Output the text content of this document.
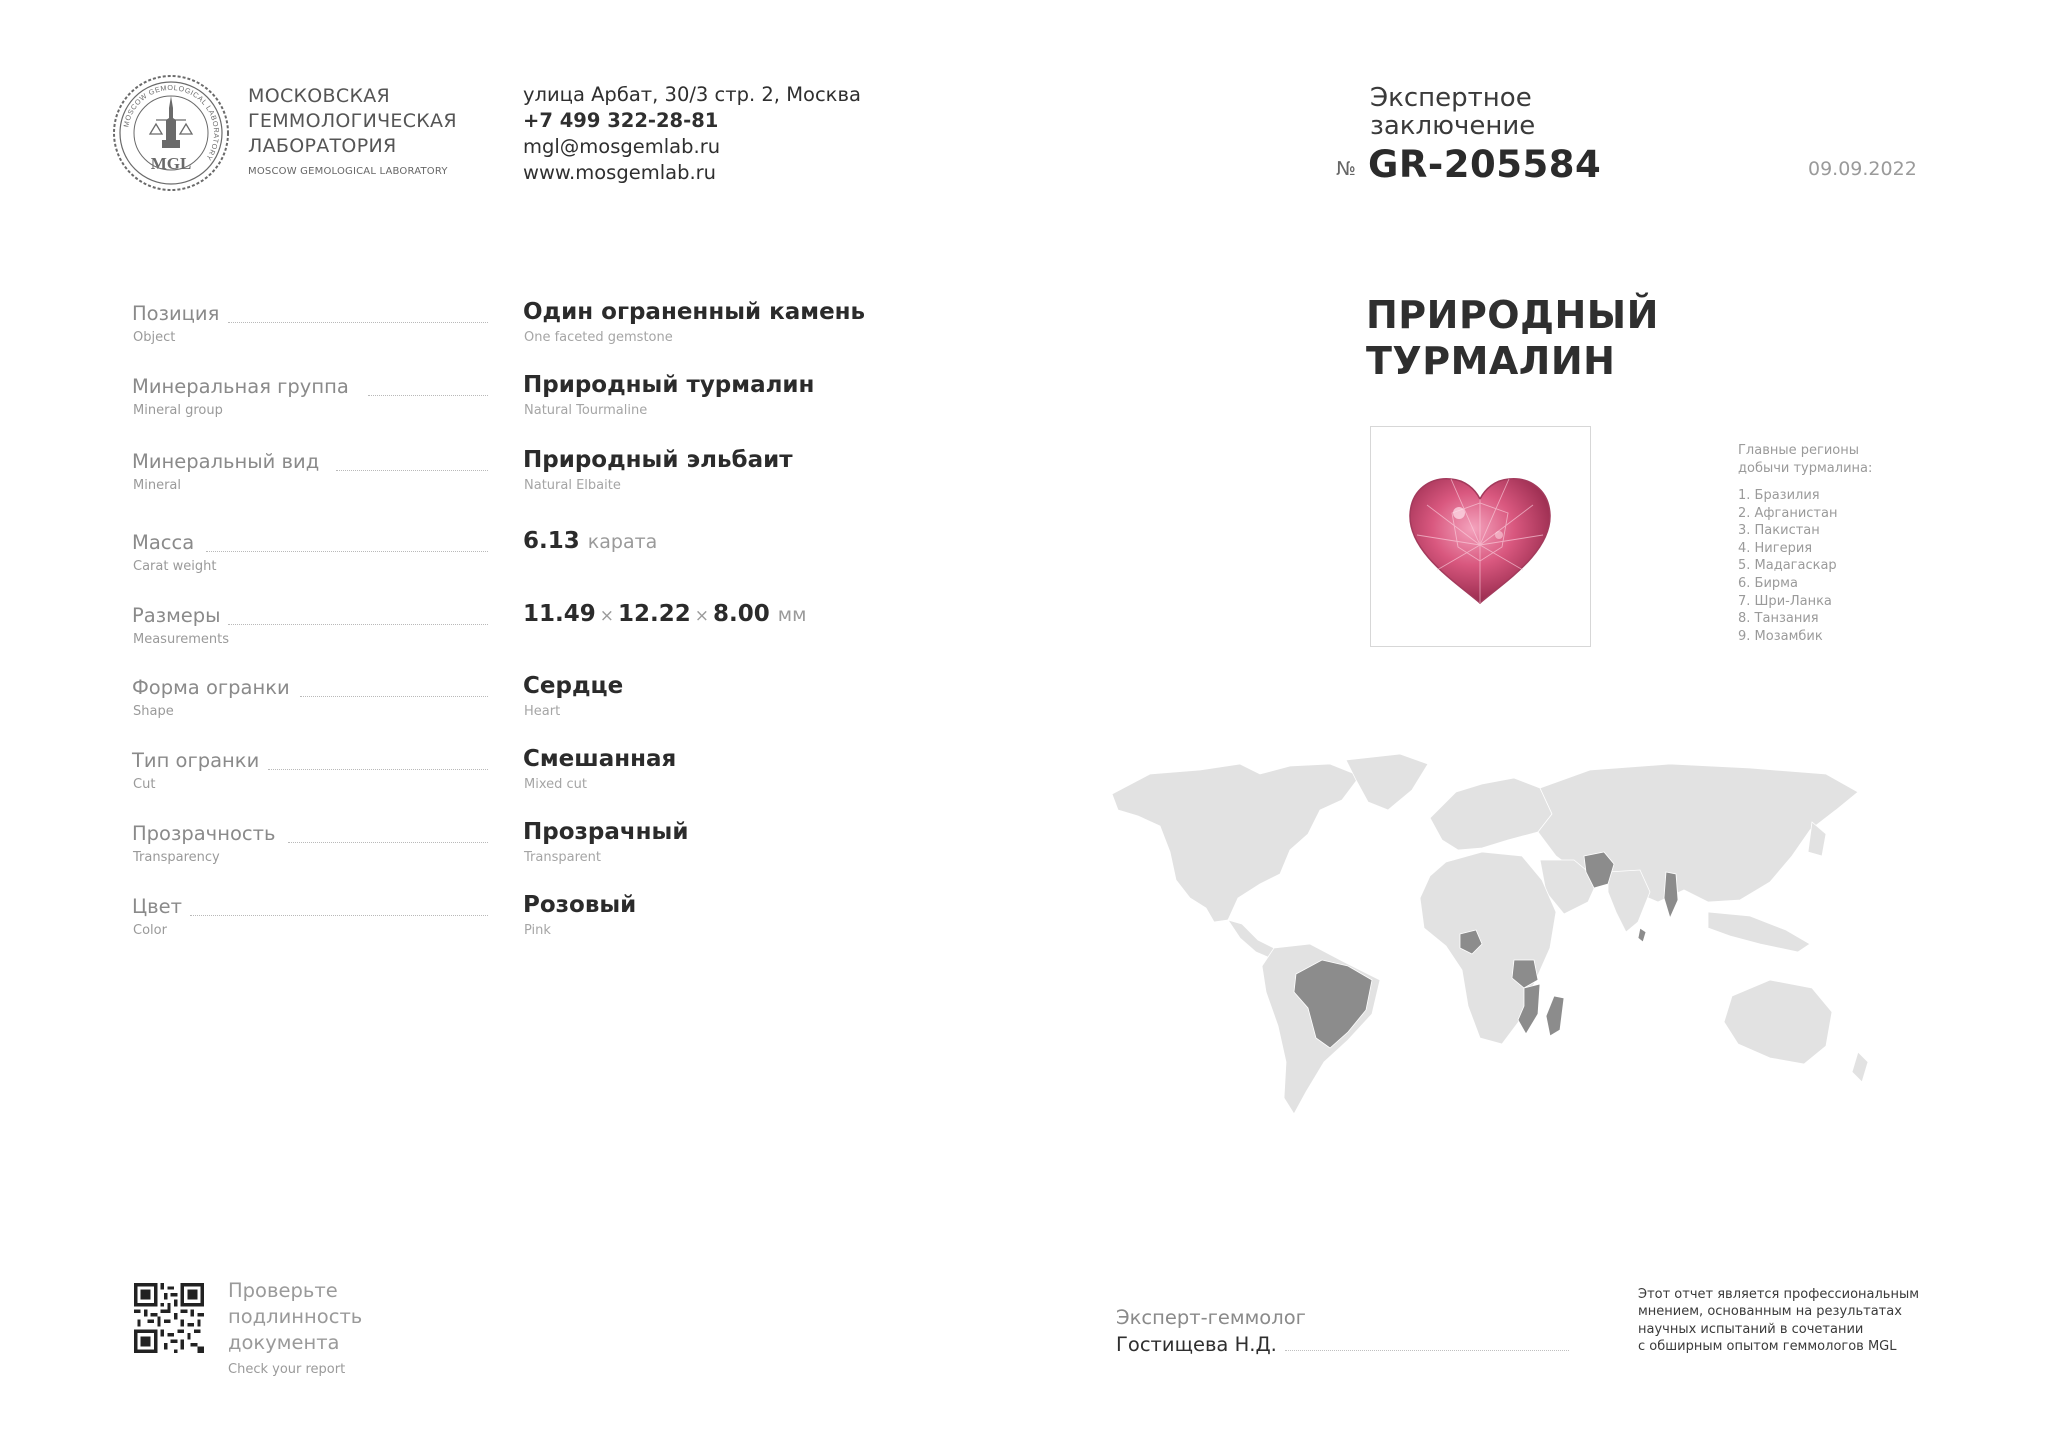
MOSCOW GEMOLOGICAL LABORATORY
MGL
МОСКОВСКАЯ
ГЕММОЛОГИЧЕСКАЯ
ЛАБОРАТОРИЯ
MOSCOW GEMOLOGICAL LABORATORY
улица Арбат, 30/3 стр. 2, Москва
+7 499 322-28-81
mgl@mosgemlab.ru
www.mosgemlab.ru
Экспертное
заключение
№ GR-205584	09.09.2022
Позиция
Object
Один ограненный камень
One faceted gemstone
Минеральная группа
Mineral group
Природный турмалин
Natural Tourmaline
Минеральный вид
Mineral
Природный эльбаит
Natural Elbaite
Масса
Carat weight
6.13 карата
Размеры
Measurements
11.49 × 12.22 × 8.00 мм
Форма огранки
Shape
Сердце
Heart
Тип огранки
Cut
Смешанная
Mixed cut
Прозрачность
Transparency
Прозрачный
Transparent
Цвет
Color
Розовый
Pink
ПРИРОДНЫЙ
ТУРМАЛИН
Главные регионы
добычи турмалина:
1. Бразилия
2. Афганистан
3. Пакистан
4. Нигерия
5. Мадагаскар
6. Бирма
7. Шри-Ланка
8. Танзания
9. Мозамбик
Проверьте
подлинность
документа
Check your report
Эксперт-геммолог
Гостищева Н.Д.
Этот отчет является профессиональным
мнением, основанным на результатах
научных испытаний в сочетании
с обширным опытом геммологов MGL
